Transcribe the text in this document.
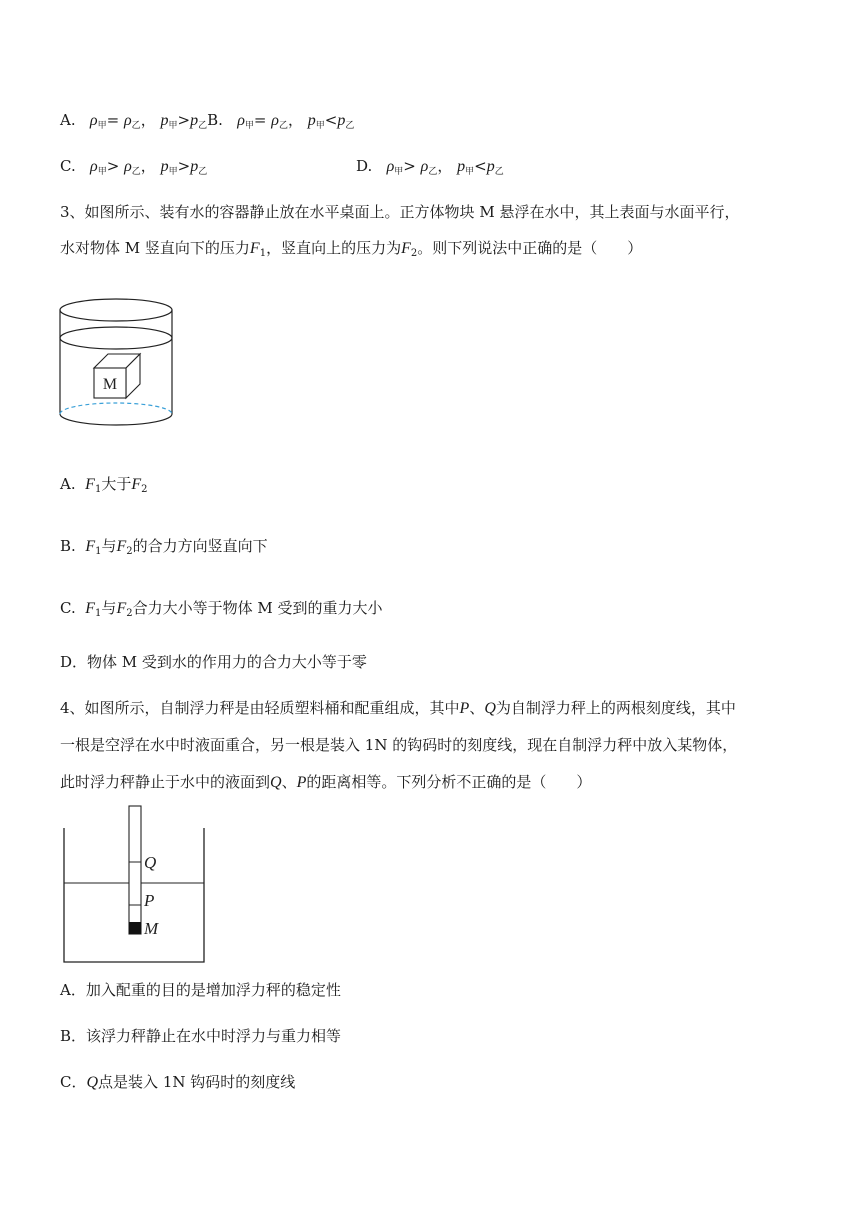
A. $\rho_甲= \rho_乙$， $p_甲>p_乙B$. $\rho_甲= \rho_乙$， $p_甲<p_乙$
C. $\rho_甲> \rho_乙$， $p_甲>p_乙$	D. $\rho_甲> \rho_乙$， $p_甲<p_乙$
3、如图所示、装有水的容器静止放在水平桌面上。正方体物块 M 悬浮在水中，其上表面与水面平行，
水对物体 M 竖直向下的压力$F_1$，竖直向上的压力为$F_2$。则下列说法中正确的是（　　）
M
A. $F_1$大于$F_2$
B. $F_1$与$F_2$的合力方向竖直向下
C. $F_1$与$F_2$合力大小等于物体 M 受到的重力大小
D．物体 M 受到水的作用力的合力大小等于零
4、如图所示，自制浮力秤是由轻质塑料桶和配重组成，其中P、Q为自制浮力秤上的两根刻度线，其中
一根是空浮在水中时液面重合，另一根是装入 1N 的钩码时的刻度线，现在自制浮力秤中放入某物体，
此时浮力秤静止于水中的液面到Q、P的距离相等。下列分析不正确的是（　　）
Q
P
M
A．加入配重的目的是增加浮力秤的稳定性
B．该浮力秤静止在水中时浮力与重力相等
C．Q点是装入 1N 钩码时的刻度线
